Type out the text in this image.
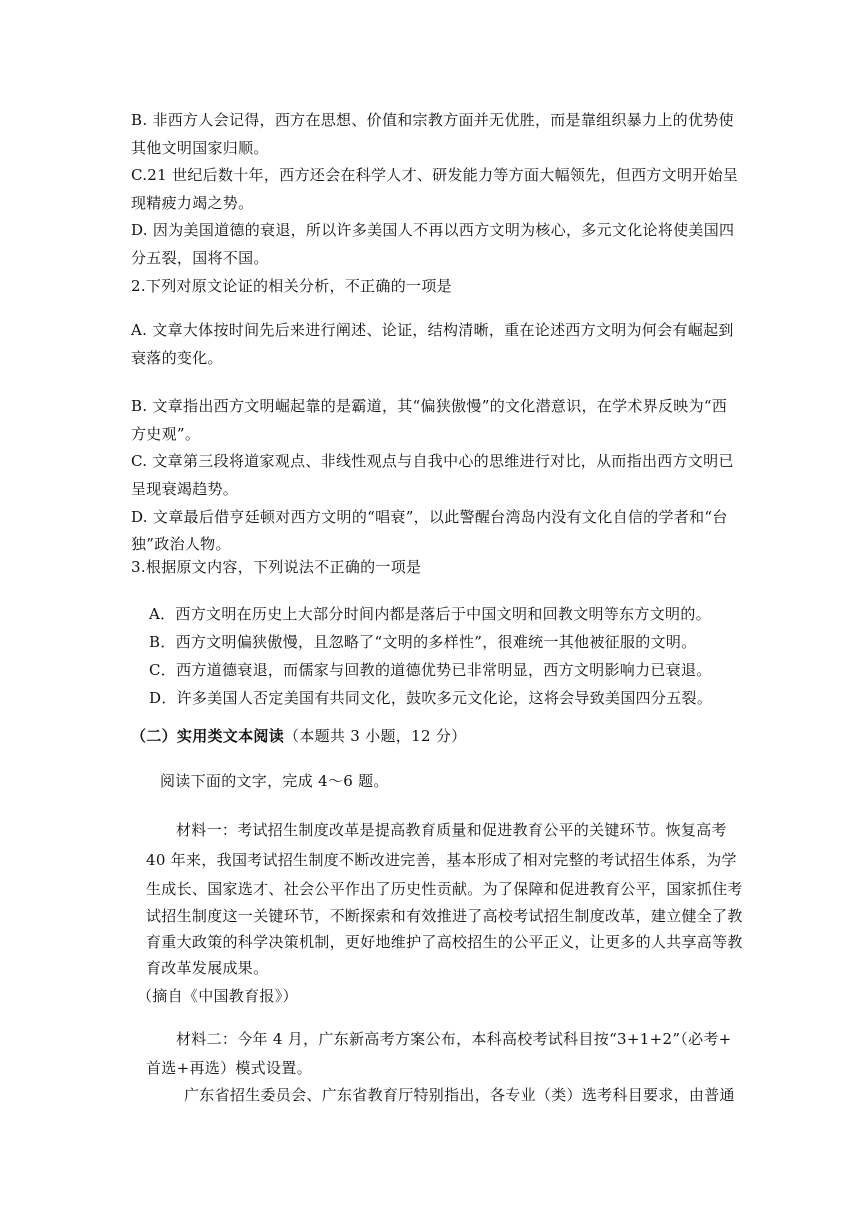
B. 非西方人会记得，西方在思想、价值和宗教方面并无优胜，而是靠组织暴力上的优势使
其他文明国家归顺。
C.21 世纪后数十年，西方还会在科学人才、研发能力等方面大幅领先，但西方文明开始呈
现精疲力竭之势。
D. 因为美国道德的衰退，所以许多美国人不再以西方文明为核心，多元文化论将使美国四
分五裂，国将不国。
2.下列对原文论证的相关分析，不正确的一项是
A. 文章大体按时间先后来进行阐述、论证，结构清晰，重在论述西方文明为何会有崛起到
衰落的变化。
B. 文章指出西方文明崛起靠的是霸道，其“偏狭傲慢”的文化潜意识，在学术界反映为“西
方史观”。
C. 文章第三段将道家观点、非线性观点与自我中心的思维进行对比，从而指出西方文明已
呈现衰竭趋势。
D. 文章最后借亨廷顿对西方文明的“唱衰”，以此警醒台湾岛内没有文化自信的学者和“台
独”政治人物。
3.根据原文内容，下列说法不正确的一项是
A．西方文明在历史上大部分时间内都是落后于中国文明和回教文明等东方文明的。
B．西方文明偏狭傲慢，且忽略了“文明的多样性”，很难统一其他被征服的文明。
C．西方道德衰退，而儒家与回教的道德优势已非常明显，西方文明影响力已衰退。
D．许多美国人否定美国有共同文化，鼓吹多元文化论，这将会导致美国四分五裂。
（二）实用类文本阅读（本题共 3 小题，12 分）
阅读下面的文字，完成 4～6 题。
材料一：考试招生制度改革是提高教育质量和促进教育公平的关键环节。恢复高考
40 年来，我国考试招生制度不断改进完善，基本形成了相对完整的考试招生体系，为学
生成长、国家选才、社会公平作出了历史性贡献。为了保障和促进教育公平，国家抓住考
试招生制度这一关键环节，不断探索和有效推进了高校考试招生制度改革，建立健全了教
育重大政策的科学决策机制，更好地维护了高校招生的公平正义，让更多的人共享高等教
育改革发展成果。
（摘自《中国教育报》）
材料二：今年 4 月，广东新高考方案公布，本科高校考试科目按“3+1+2”（必考+
首选+再选）模式设置。
广东省招生委员会、广东省教育厅特别指出，各专业（类）选考科目要求，由普通
